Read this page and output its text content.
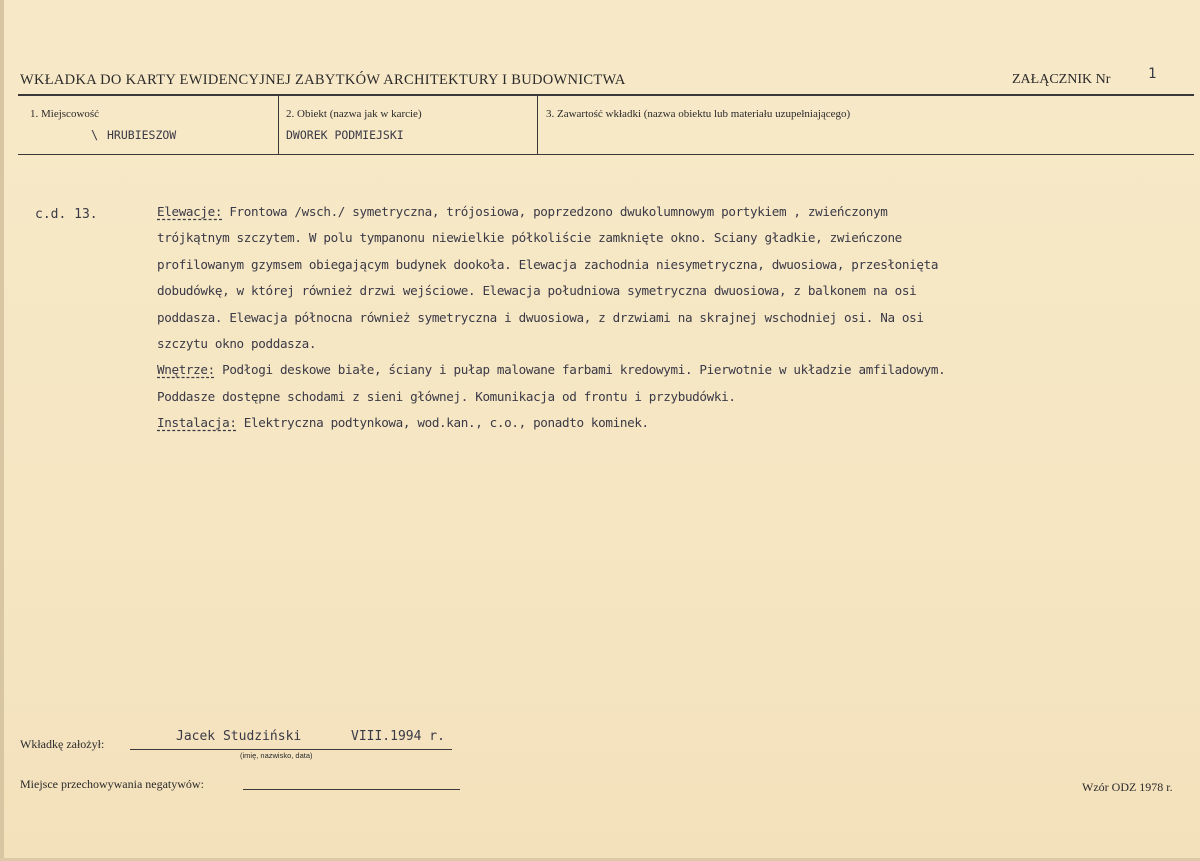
WKŁADKA DO KARTY EWIDENCYJNEJ ZABYTKÓW ARCHITEKTURY I BUDOWNICTWA	ZAŁĄCZNIK Nr	1
1. Miejscowość
\ HRUBIESZOW
2. Obiekt (nazwa jak w karcie)
DWOREK PODMIEJSKI
3. Zawartość wkładki (nazwa obiektu lub materiału uzupełniającego)
c.d. 13.	Elewacje: Frontowa /wsch./ symetryczna, trójosiowa, poprzedzono dwukolumnowym portykiem , zwieńczonym
trójkątnym szczytem. W polu tympanonu niewielkie półkoliście zamknięte okno. Sciany gładkie, zwieńczone
profilowanym gzymsem obiegającym budynek dookoła. Elewacja zachodnia niesymetryczna, dwuosiowa, przesłonięta
dobudówkę, w której również drzwi wejściowe. Elewacja południowa symetryczna dwuosiowa, z balkonem na osi
poddasza. Elewacja północna również symetryczna i dwuosiowa, z drzwiami na skrajnej wschodniej osi. Na osi
szczytu okno poddasza.
Wnętrze: Podłogi deskowe białe, ściany i pułap malowane farbami kredowymi. Pierwotnie w układzie amfiladowym.
Poddasze dostępne schodami z sieni głównej. Komunikacja od frontu i przybudówki.
Instalacja: Elektryczna podtynkowa, wod.kan., c.o., ponadto kominek.
Wkładkę założył:	Jacek Studziński	VIII.1994 r.
(imię, nazwisko, data)
Miejsce przechowywania negatywów:	Wzór ODZ 1978 r.
